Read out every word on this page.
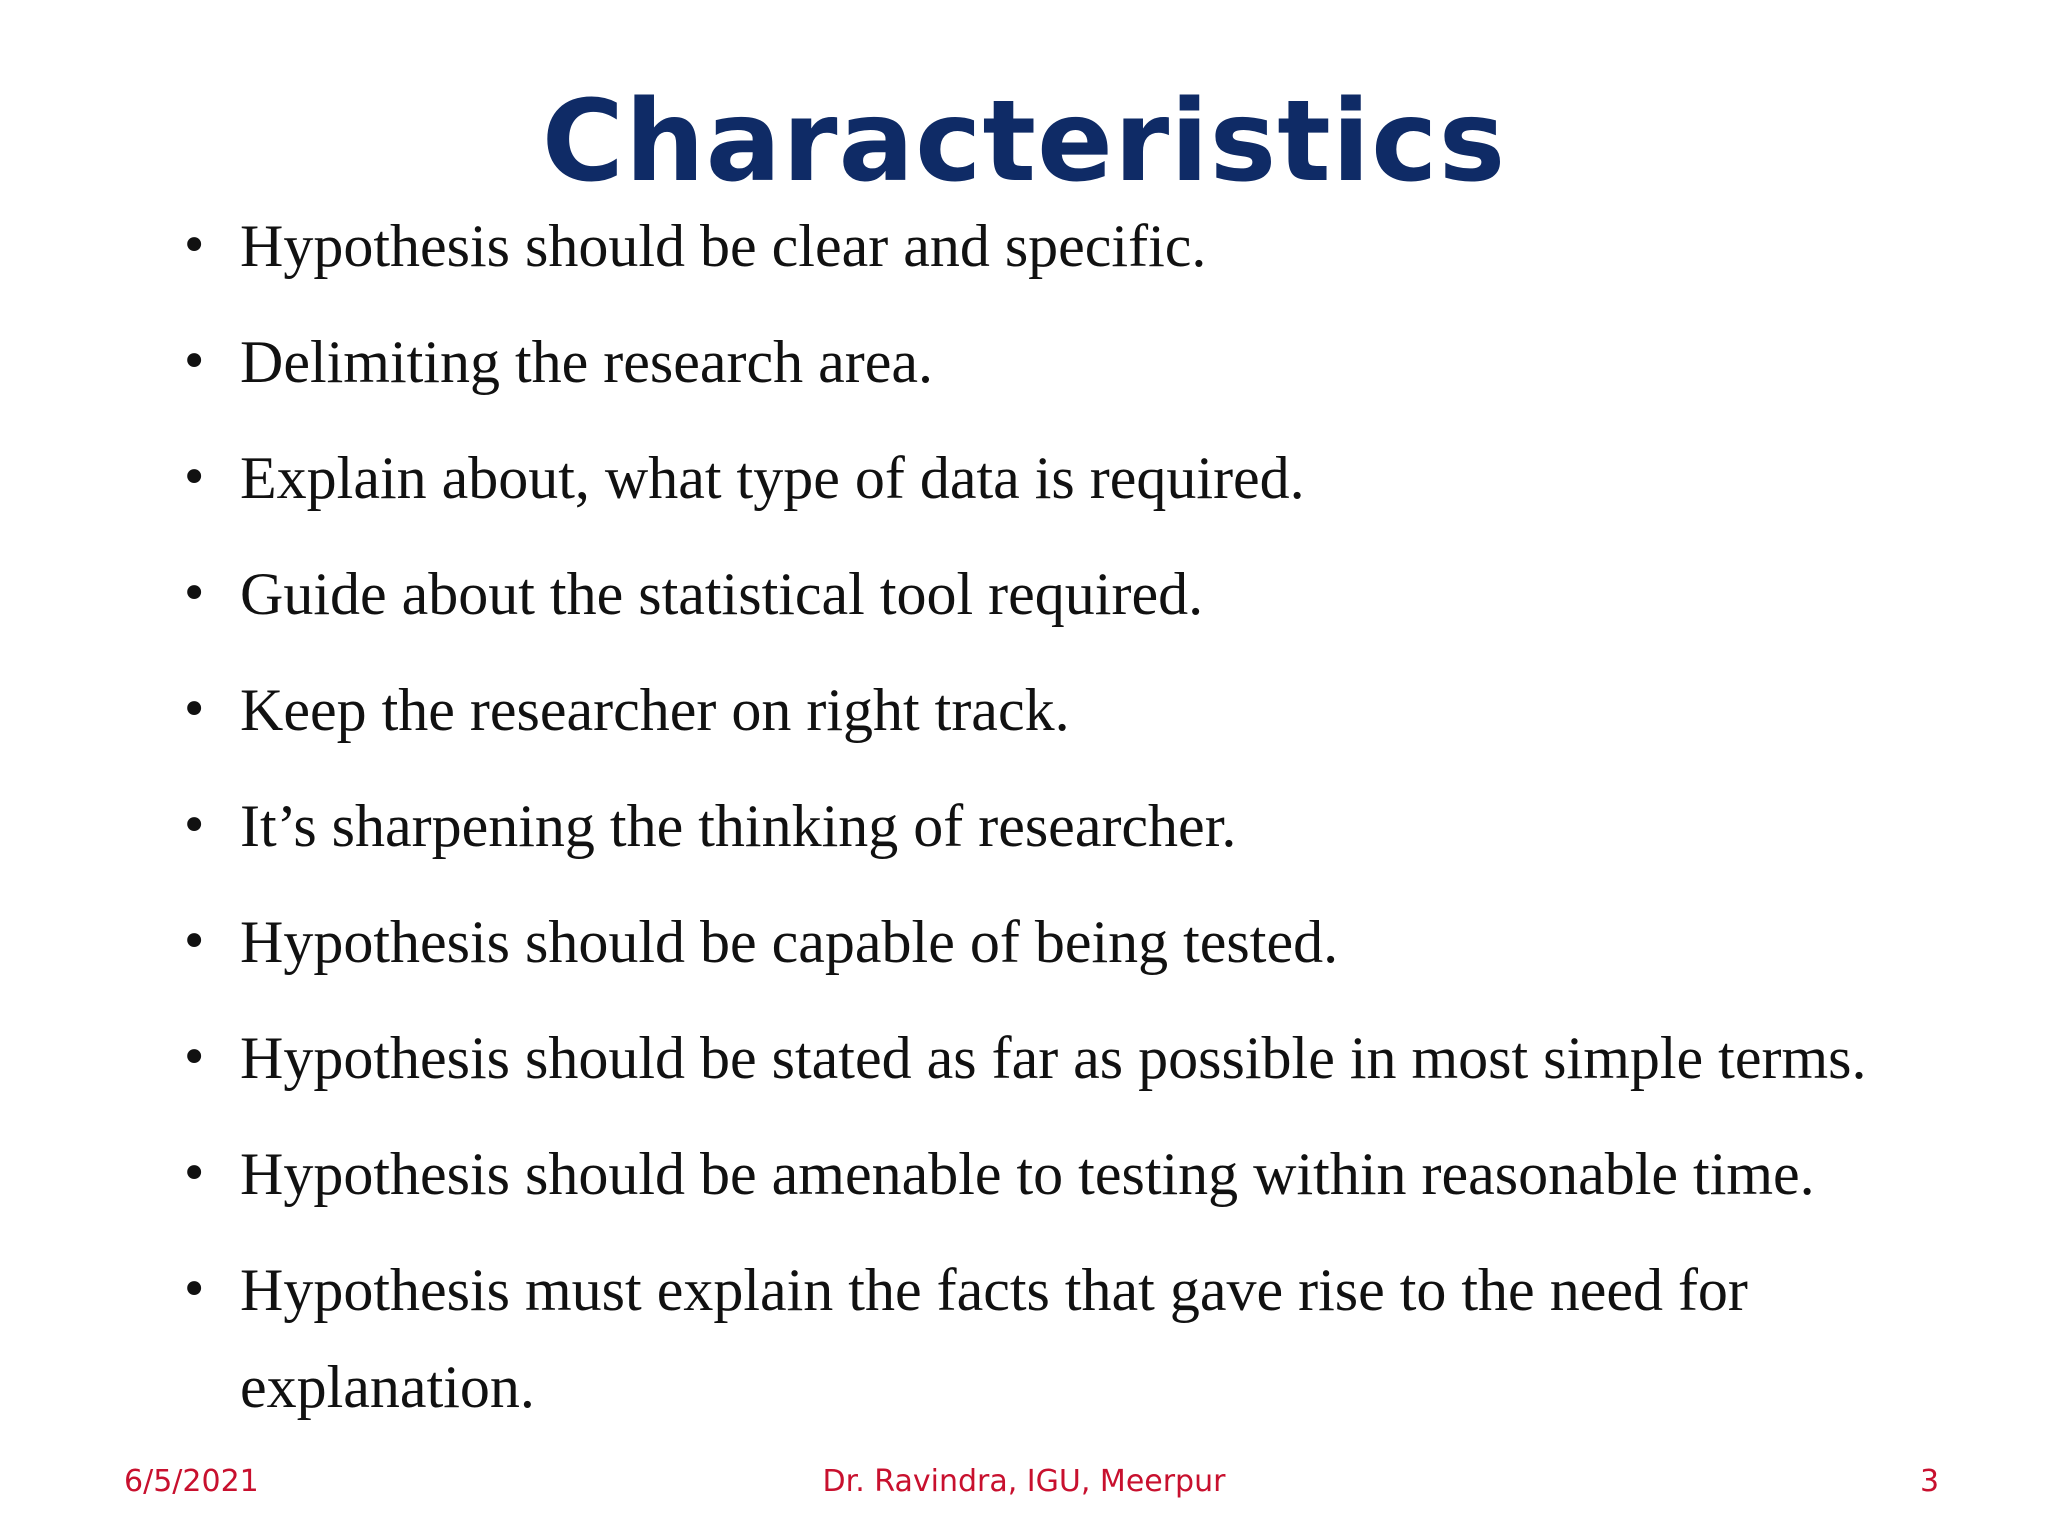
Characteristics
• Hypothesis should be clear and specific.
• Delimiting the research area.
• Explain about, what type of data is required.
• Guide about the statistical tool required.
• Keep the researcher on right track.
• It’s sharpening the thinking of researcher.
• Hypothesis should be capable of being tested.
• Hypothesis should be stated as far as possible in most simple terms.
• Hypothesis should be amenable to testing within reasonable time.
• Hypothesis must explain the facts that gave rise to the need for explanation.
6/5/2021	Dr. Ravindra, IGU, Meerpur	3
